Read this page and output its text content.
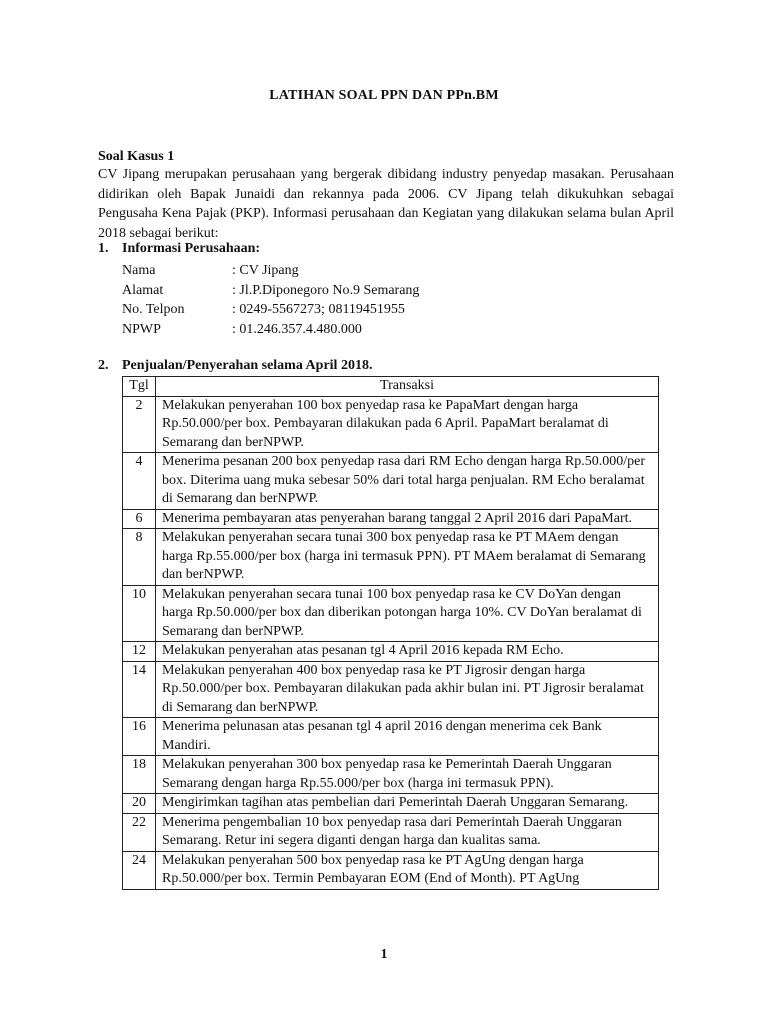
LATIHAN SOAL PPN DAN PPn.BM
Soal Kasus 1

CV Jipang merupakan perusahaan yang bergerak dibidang industry penyedap masakan. Perusahaan didirikan oleh Bapak Junaidi dan rekannya pada 2006. CV Jipang telah dikukuhkan sebagai Pengusaha Kena Pajak (PKP). Informasi perusahaan dan Kegiatan yang dilakukan selama bulan April 2018 sebagai berikut:

1. Informasi Perusahaan:
Nama	: CV Jipang
Alamat	: Jl.P.Diponegoro No.9 Semarang
No. Telpon	: 0249-5567273; 08119451955
NPWP	: 01.246.357.4.480.000
2. Penjualan/Penyerahan selama April 2018.
Tgl	Transaksi
2	Melakukan penyerahan 100 box penyedap rasa ke PapaMart dengan harga Rp.50.000/per box. Pembayaran dilakukan pada 6 April. PapaMart beralamat di Semarang dan berNPWP.
4	Menerima pesanan 200 box penyedap rasa dari RM Echo dengan harga Rp.50.000/per box. Diterima uang muka sebesar 50% dari total harga penjualan. RM Echo beralamat di Semarang dan berNPWP.
6	Menerima pembayaran atas penyerahan barang tanggal 2 April 2016 dari PapaMart.
8	Melakukan penyerahan secara tunai 300 box penyedap rasa ke PT MAem dengan harga Rp.55.000/per box (harga ini termasuk PPN). PT MAem beralamat di Semarang dan berNPWP.
10	Melakukan penyerahan secara tunai 100 box penyedap rasa ke CV DoYan dengan harga Rp.50.000/per box dan diberikan potongan harga 10%. CV DoYan beralamat di Semarang dan berNPWP.
12	Melakukan penyerahan atas pesanan tgl 4 April 2016 kepada RM Echo.
14	Melakukan penyerahan 400 box penyedap rasa ke PT Jigrosir dengan harga Rp.50.000/per box. Pembayaran dilakukan pada akhir bulan ini. PT Jigrosir beralamat di Semarang dan berNPWP.
16	Menerima pelunasan atas pesanan tgl 4 april 2016 dengan menerima cek Bank Mandiri.
18	Melakukan penyerahan 300 box penyedap rasa ke Pemerintah Daerah Unggaran Semarang dengan harga Rp.55.000/per box (harga ini termasuk PPN).
20	Mengirimkan tagihan atas pembelian dari Pemerintah Daerah Unggaran Semarang.
22	Menerima pengembalian 10 box penyedap rasa dari Pemerintah Daerah Unggaran Semarang. Retur ini segera diganti dengan harga dan kualitas sama.
24	Melakukan penyerahan 500 box penyedap rasa ke PT AgUng dengan harga Rp.50.000/per box. Termin Pembayaran EOM (End of Month). PT AgUng
1
